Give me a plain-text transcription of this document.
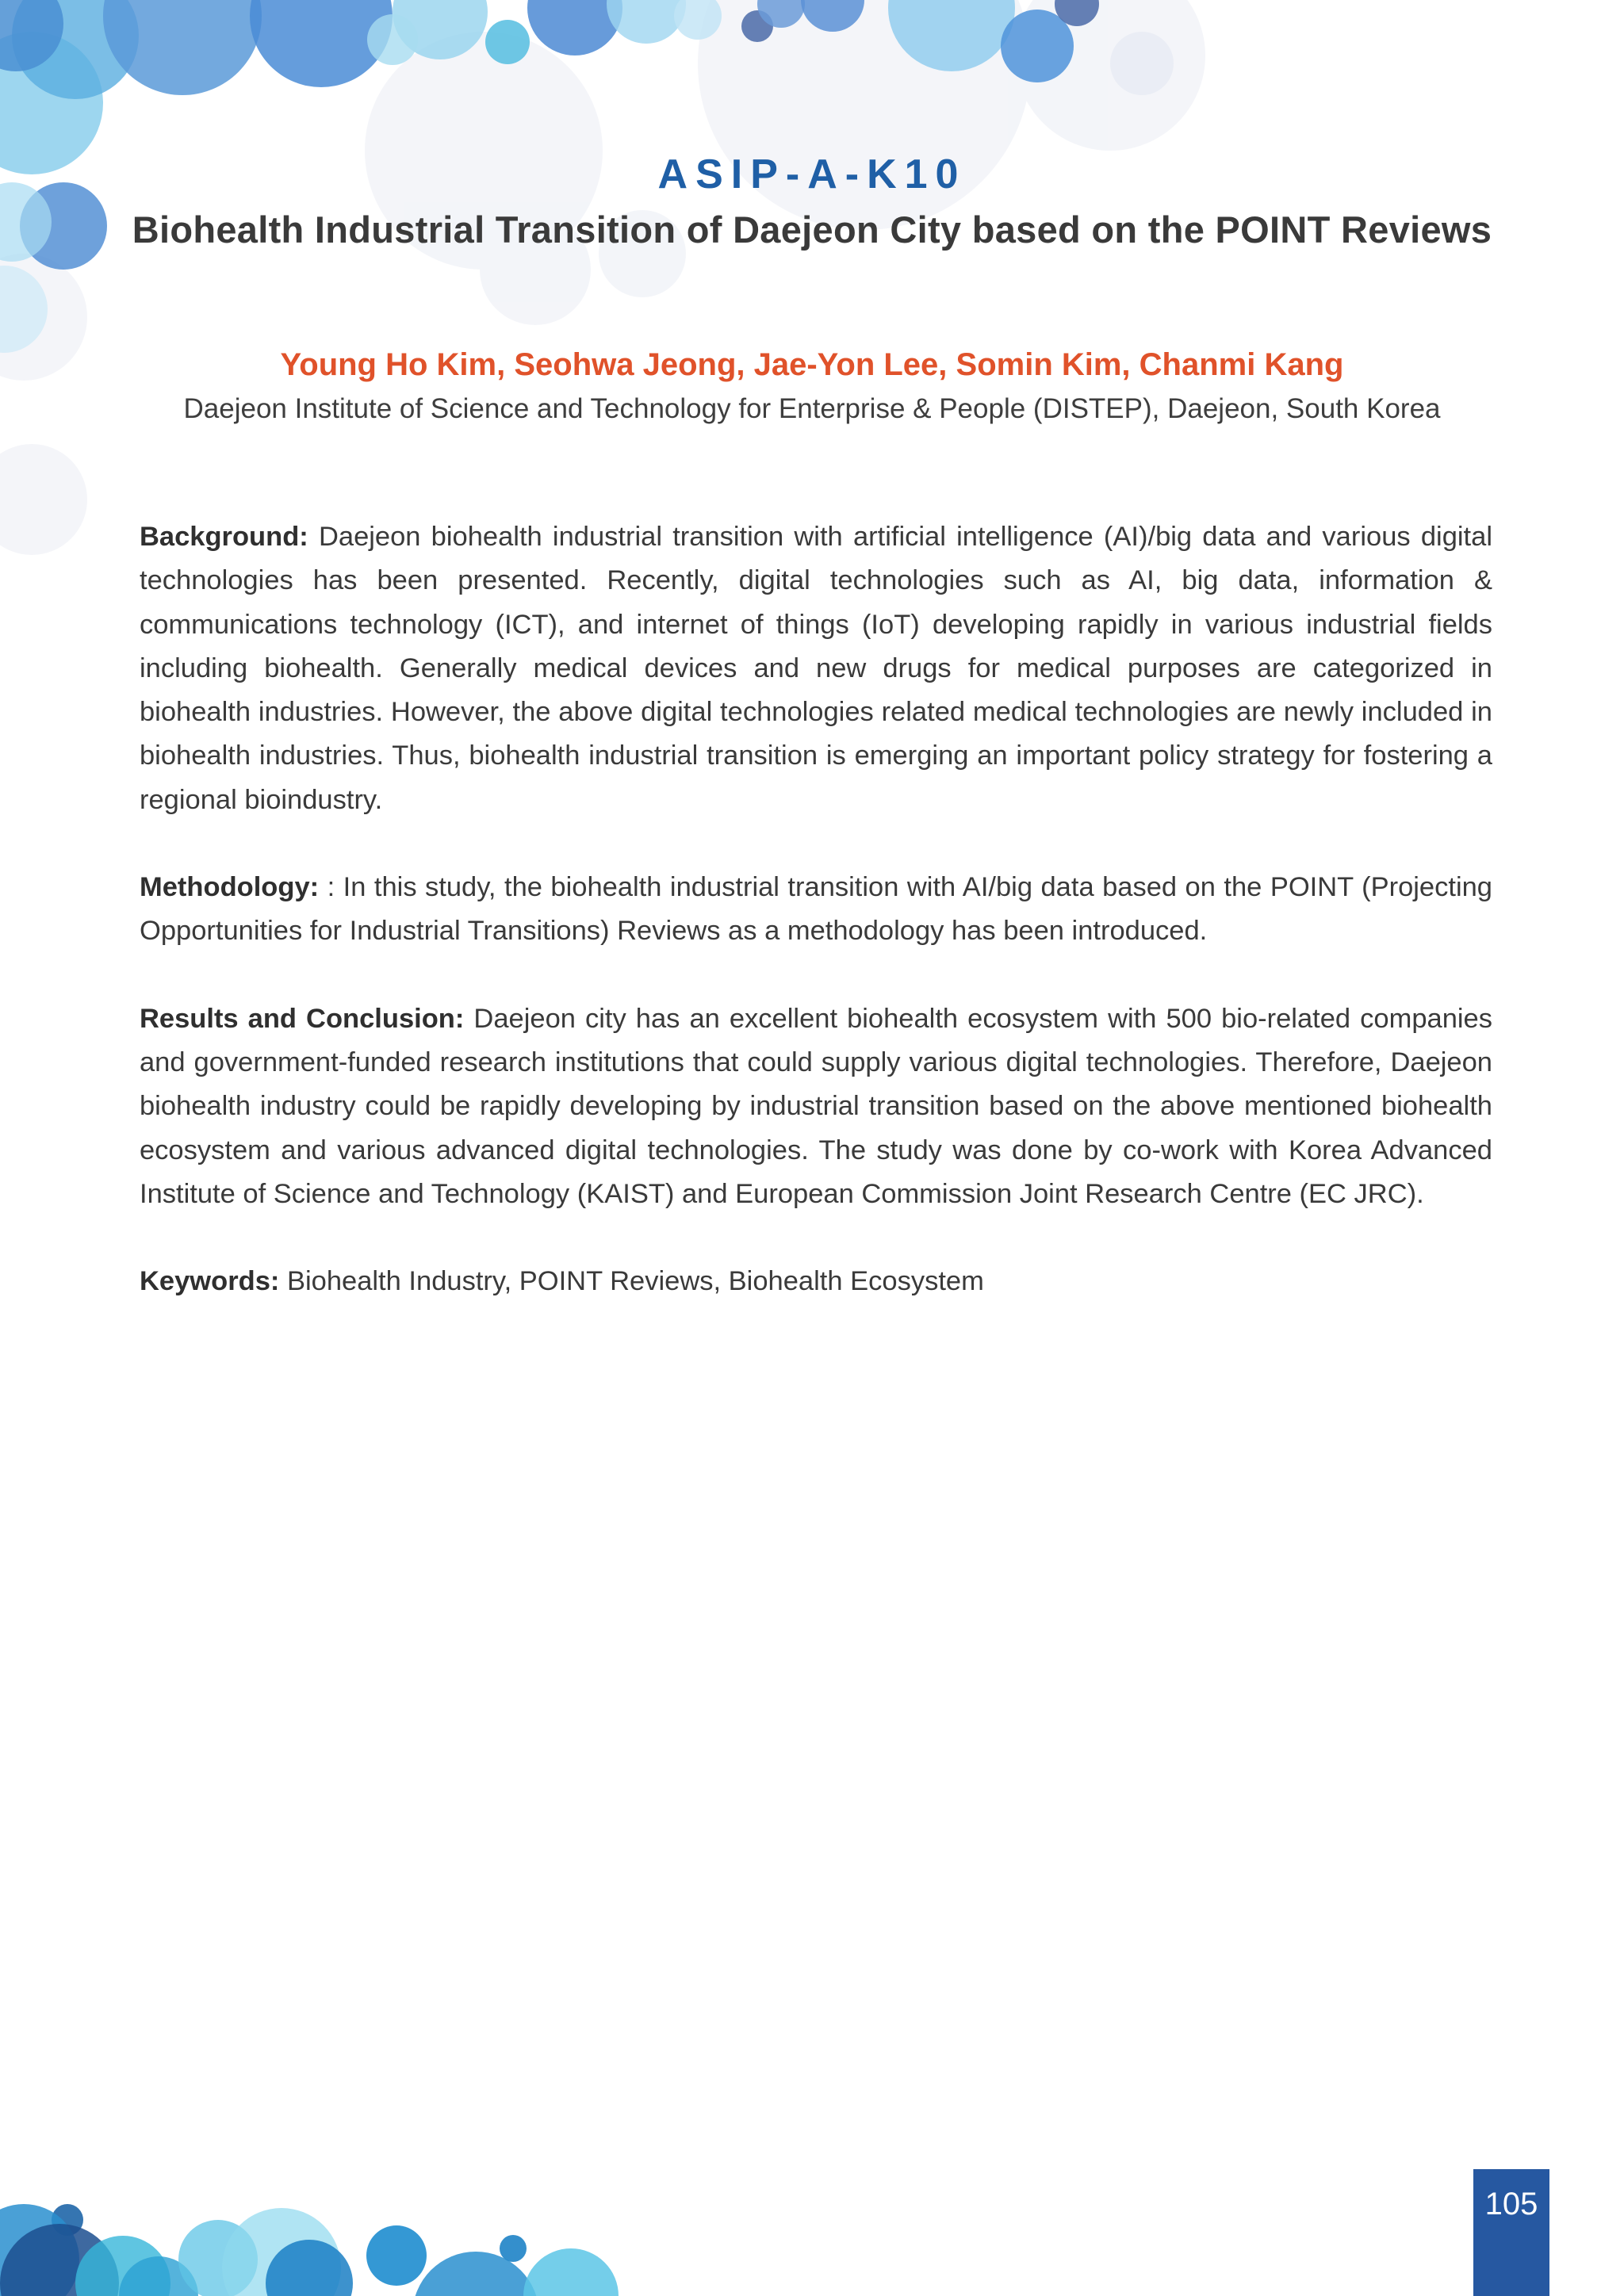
ASIP-A-K10
Biohealth Industrial Transition of Daejeon City based on the POINT Reviews
Young Ho Kim, Seohwa Jeong, Jae-Yon Lee, Somin Kim, Chanmi Kang
Daejeon Institute of Science and Technology for Enterprise & People (DISTEP), Daejeon, South Korea

Background: Daejeon biohealth industrial transition with artificial intelligence (AI)/big data and various digital technologies has been presented. Recently, digital technologies such as AI, big data, information & communications technology (ICT), and internet of things (IoT) developing rapidly in various industrial fields including biohealth. Generally medical devices and new drugs for medical purposes are categorized in biohealth industries. However, the above digital technologies related medical technologies are newly included in biohealth industries. Thus, biohealth industrial transition is emerging an important policy strategy for fostering a regional bioindustry.

Methodology: : In this study, the biohealth industrial transition with AI/big data based on the POINT (Projecting Opportunities for Industrial Transitions) Reviews as a methodology has been introduced.

Results and Conclusion: Daejeon city has an excellent biohealth ecosystem with 500 bio-related companies and government-funded research institutions that could supply various digital technologies. Therefore, Daejeon biohealth industry could be rapidly developing by industrial transition based on the above mentioned biohealth ecosystem and various advanced digital technologies. The study was done by co-work with Korea Advanced Institute of Science and Technology (KAIST) and European Commission Joint Research Centre (EC JRC).

Keywords: Biohealth Industry, POINT Reviews, Biohealth Ecosystem

105
